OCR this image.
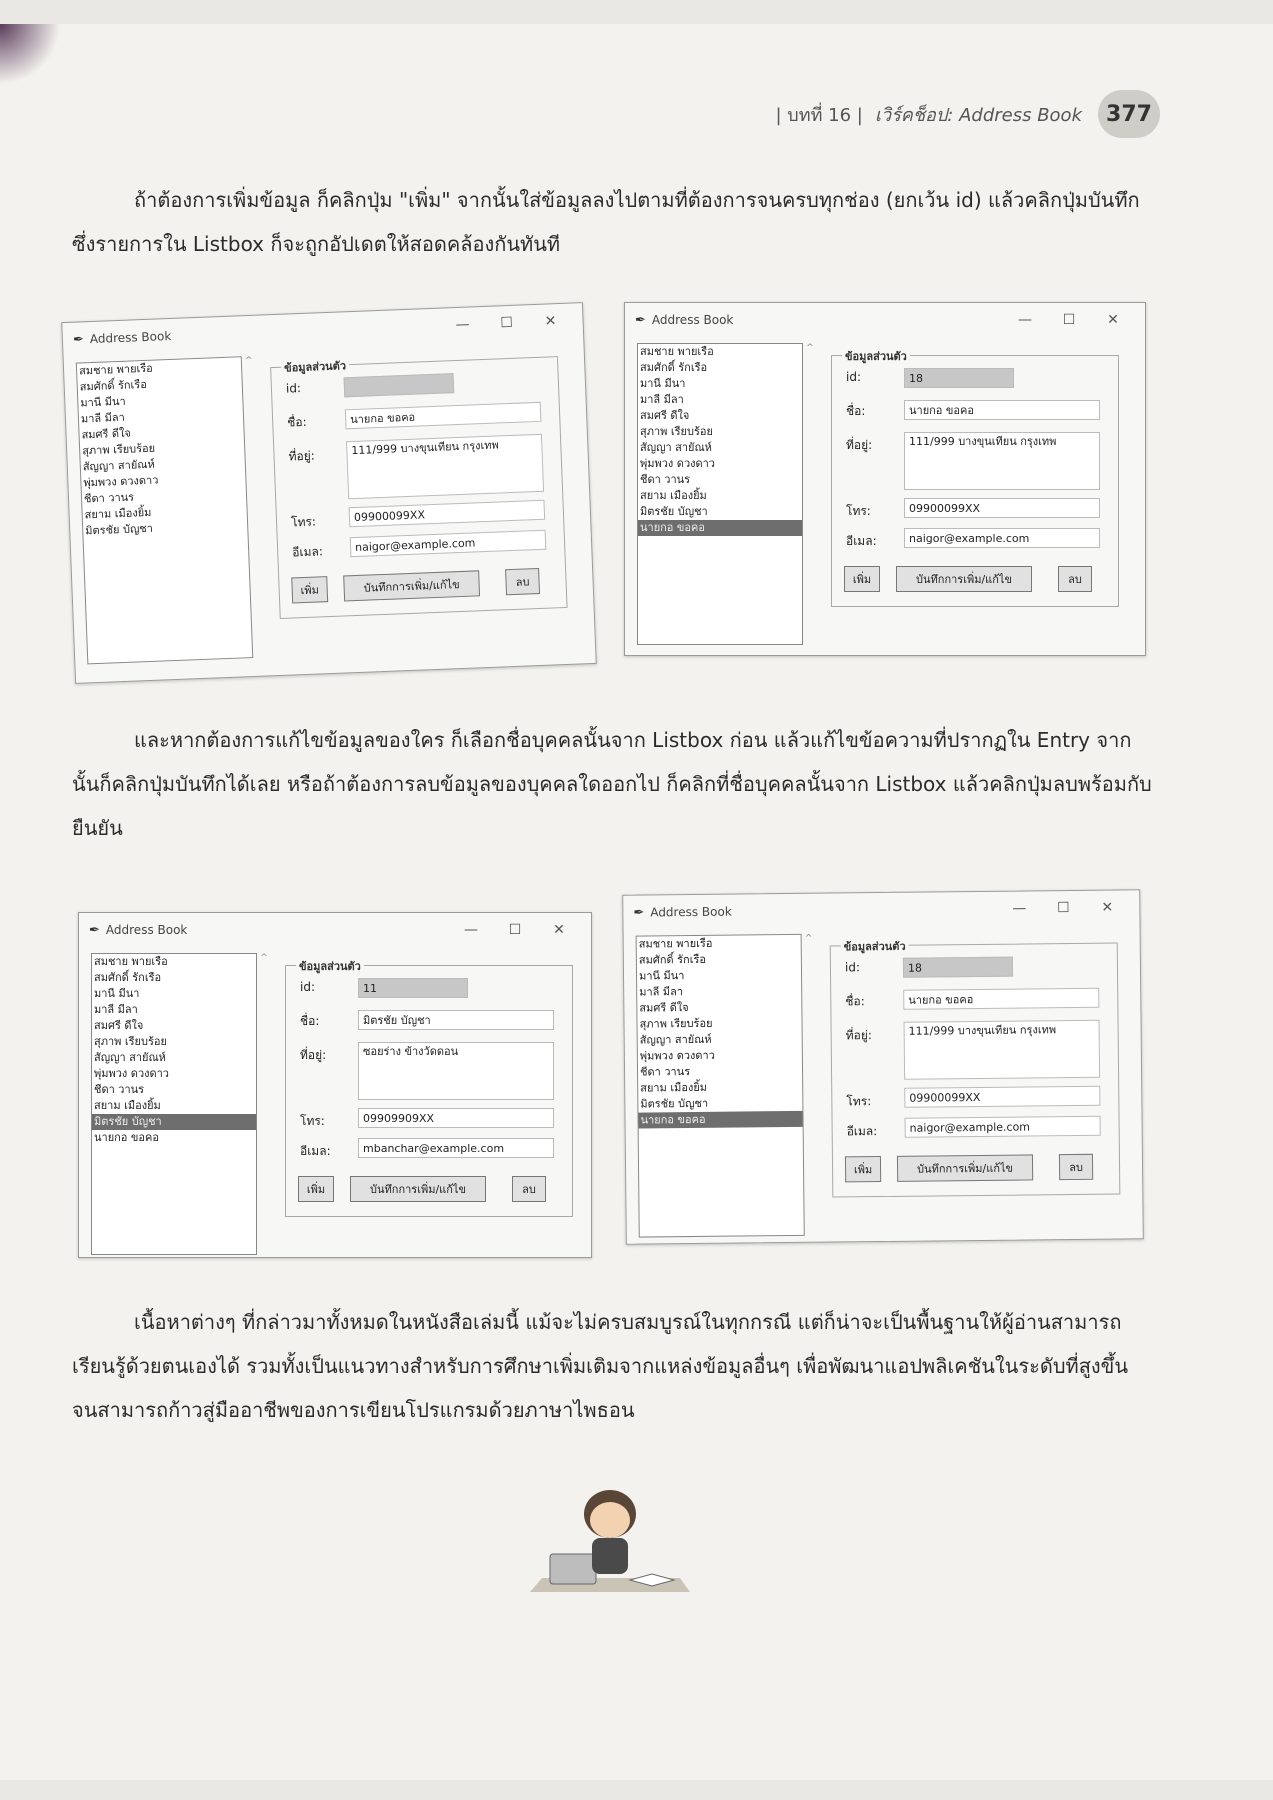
| บทที่ 16 | เวิร์คช็อป: Address Book	377
ถ้าต้องการเพิ่มข้อมูล ก็คลิกปุ่ม "เพิ่ม" จากนั้นใส่ข้อมูลลงไปตามที่ต้องการจนครบทุกช่อง (ยกเว้น id) แล้วคลิกปุ่มบันทึก ซึ่งรายการใน Listbox ก็จะถูกอัปเดตให้สอดคล้องกันทันที
และหากต้องการแก้ไขข้อมูลของใคร ก็เลือกชื่อบุคคลนั้นจาก Listbox ก่อน แล้วแก้ไขข้อความที่ปรากฏใน Entry จากนั้นก็คลิกปุ่มบันทึกได้เลย หรือถ้าต้องการลบข้อมูลของบุคคลใดออกไป ก็คลิกที่ชื่อบุคคลนั้นจาก Listbox แล้วคลิกปุ่มลบพร้อมกับยืนยัน
เนื้อหาต่างๆ ที่กล่าวมาทั้งหมดในหนังสือเล่มนี้ แม้จะไม่ครบสมบูรณ์ในทุกกรณี แต่ก็น่าจะเป็นพื้นฐานให้ผู้อ่านสามารถเรียนรู้ด้วยตนเองได้ รวมทั้งเป็นแนวทางสำหรับการศึกษาเพิ่มเติมจากแหล่งข้อมูลอื่นๆ เพื่อพัฒนาแอปพลิเคชันในระดับที่สูงขึ้น จนสามารถก้าวสู่มืออาชีพของการเขียนโปรแกรมด้วยภาษาไพธอน
✒ Address Book
—	☐	✕
สมชาย พายเรือ
สมศักดิ์ รักเรือ
มานี มีนา
มาลี มีลา
สมศรี ดีใจ
สุภาพ เรียบร้อย
สัญญา สายัณห์
พุ่มพวง ดวงดาว
ชีดา วานร
สยาม เมืองยิ้ม
มิตรชัย บัญชา
^	ข้อมูลส่วนตัว
id:
ชื่อ:	นายกอ ขอคอ
ที่อยู่:	111/999 บางขุนเทียน กรุงเทพ
โทร:	09900099XX
อีเมล:	naigor@example.com
เพิ่ม	บันทึกการเพิ่ม/แก้ไข	ลบ
✒ Address Book	—	☐	✕
สมชาย พายเรือ
สมศักดิ์ รักเรือ
มานี มีนา
มาลี มีลา
สมศรี ดีใจ
สุภาพ เรียบร้อย
สัญญา สายัณห์
พุ่มพวง ดวงดาว
ชีดา วานร
สยาม เมืองยิ้ม
มิตรชัย บัญชา
นายกอ ขอคอ
^
ข้อมูลส่วนตัว
id:	18
ชื่อ:	นายกอ ขอคอ
ที่อยู่:	111/999 บางขุนเทียน กรุงเทพ
โทร:	09900099XX
อีเมล:	naigor@example.com
เพิ่ม	บันทึกการเพิ่ม/แก้ไข	ลบ
✒ Address Book	—	☐	✕
สมชาย พายเรือ
สมศักดิ์ รักเรือ
มานี มีนา
มาลี มีลา
สมศรี ดีใจ
สุภาพ เรียบร้อย
สัญญา สายัณห์
พุ่มพวง ดวงดาว
ชีดา วานร
สยาม เมืองยิ้ม
มิตรชัย บัญชา
นายกอ ขอคอ
^
ข้อมูลส่วนตัว
id:	11
ชื่อ:	มิตรชัย บัญชา
ที่อยู่:	ซอยร่าง ข้างวัดดอน
โทร:	09909909XX
อีเมล:	mbanchar@example.com
เพิ่ม	บันทึกการเพิ่ม/แก้ไข	ลบ
✒ Address Book	—	☐	✕
สมชาย พายเรือ
สมศักดิ์ รักเรือ
มานี มีนา
มาลี มีลา
สมศรี ดีใจ
สุภาพ เรียบร้อย
สัญญา สายัณห์
พุ่มพวง ดวงดาว
ชีดา วานร
สยาม เมืองยิ้ม
มิตรชัย บัญชา
นายกอ ขอคอ
^
ข้อมูลส่วนตัว
id:	18
ชื่อ:	นายกอ ขอคอ
ที่อยู่:	111/999 บางขุนเทียน กรุงเทพ
โทร:	09900099XX
อีเมล:	naigor@example.com
เพิ่ม	บันทึกการเพิ่ม/แก้ไข	ลบ
